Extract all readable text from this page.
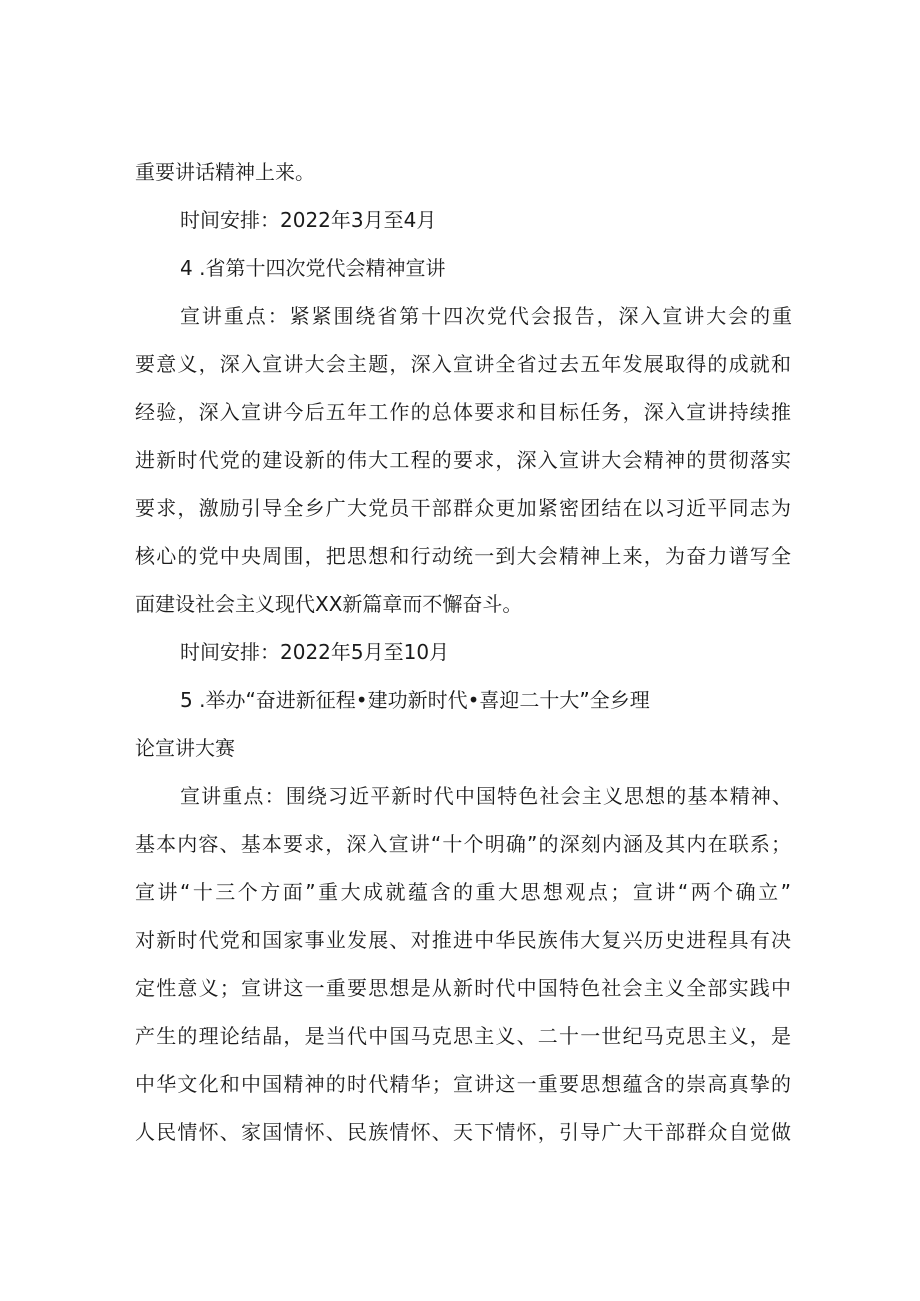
重要讲话精神上来。
时间安排：2022年3月至4月
4 .省第十四次党代会精神宣讲
宣讲重点：紧紧围绕省第十四次党代会报告，深入宣讲大会的重
要意义，深入宣讲大会主题，深入宣讲全省过去五年发展取得的成就和
经验，深入宣讲今后五年工作的总体要求和目标任务，深入宣讲持续推
进新时代党的建设新的伟大工程的要求，深入宣讲大会精神的贯彻落实
要求，激励引导全乡广大党员干部群众更加紧密团结在以习近平同志为
核心的党中央周围，把思想和行动统一到大会精神上来，为奋力谱写全
面建设社会主义现代XX新篇章而不懈奋斗。
时间安排：2022年5月至10月
5 .举办“奋进新征程•建功新时代•喜迎二十大”全乡理
论宣讲大赛
宣讲重点：围绕习近平新时代中国特色社会主义思想的基本精神、
基本内容、基本要求，深入宣讲“十个明确”的深刻内涵及其内在联系；
宣讲“十三个方面”重大成就蕴含的重大思想观点；宣讲“两个确立”
对新时代党和国家事业发展、对推进中华民族伟大复兴历史进程具有决
定性意义；宣讲这一重要思想是从新时代中国特色社会主义全部实践中
产生的理论结晶，是当代中国马克思主义、二十一世纪马克思主义，是
中华文化和中国精神的时代精华；宣讲这一重要思想蕴含的崇高真挚的
人民情怀、家国情怀、民族情怀、天下情怀，引导广大干部群众自觉做
